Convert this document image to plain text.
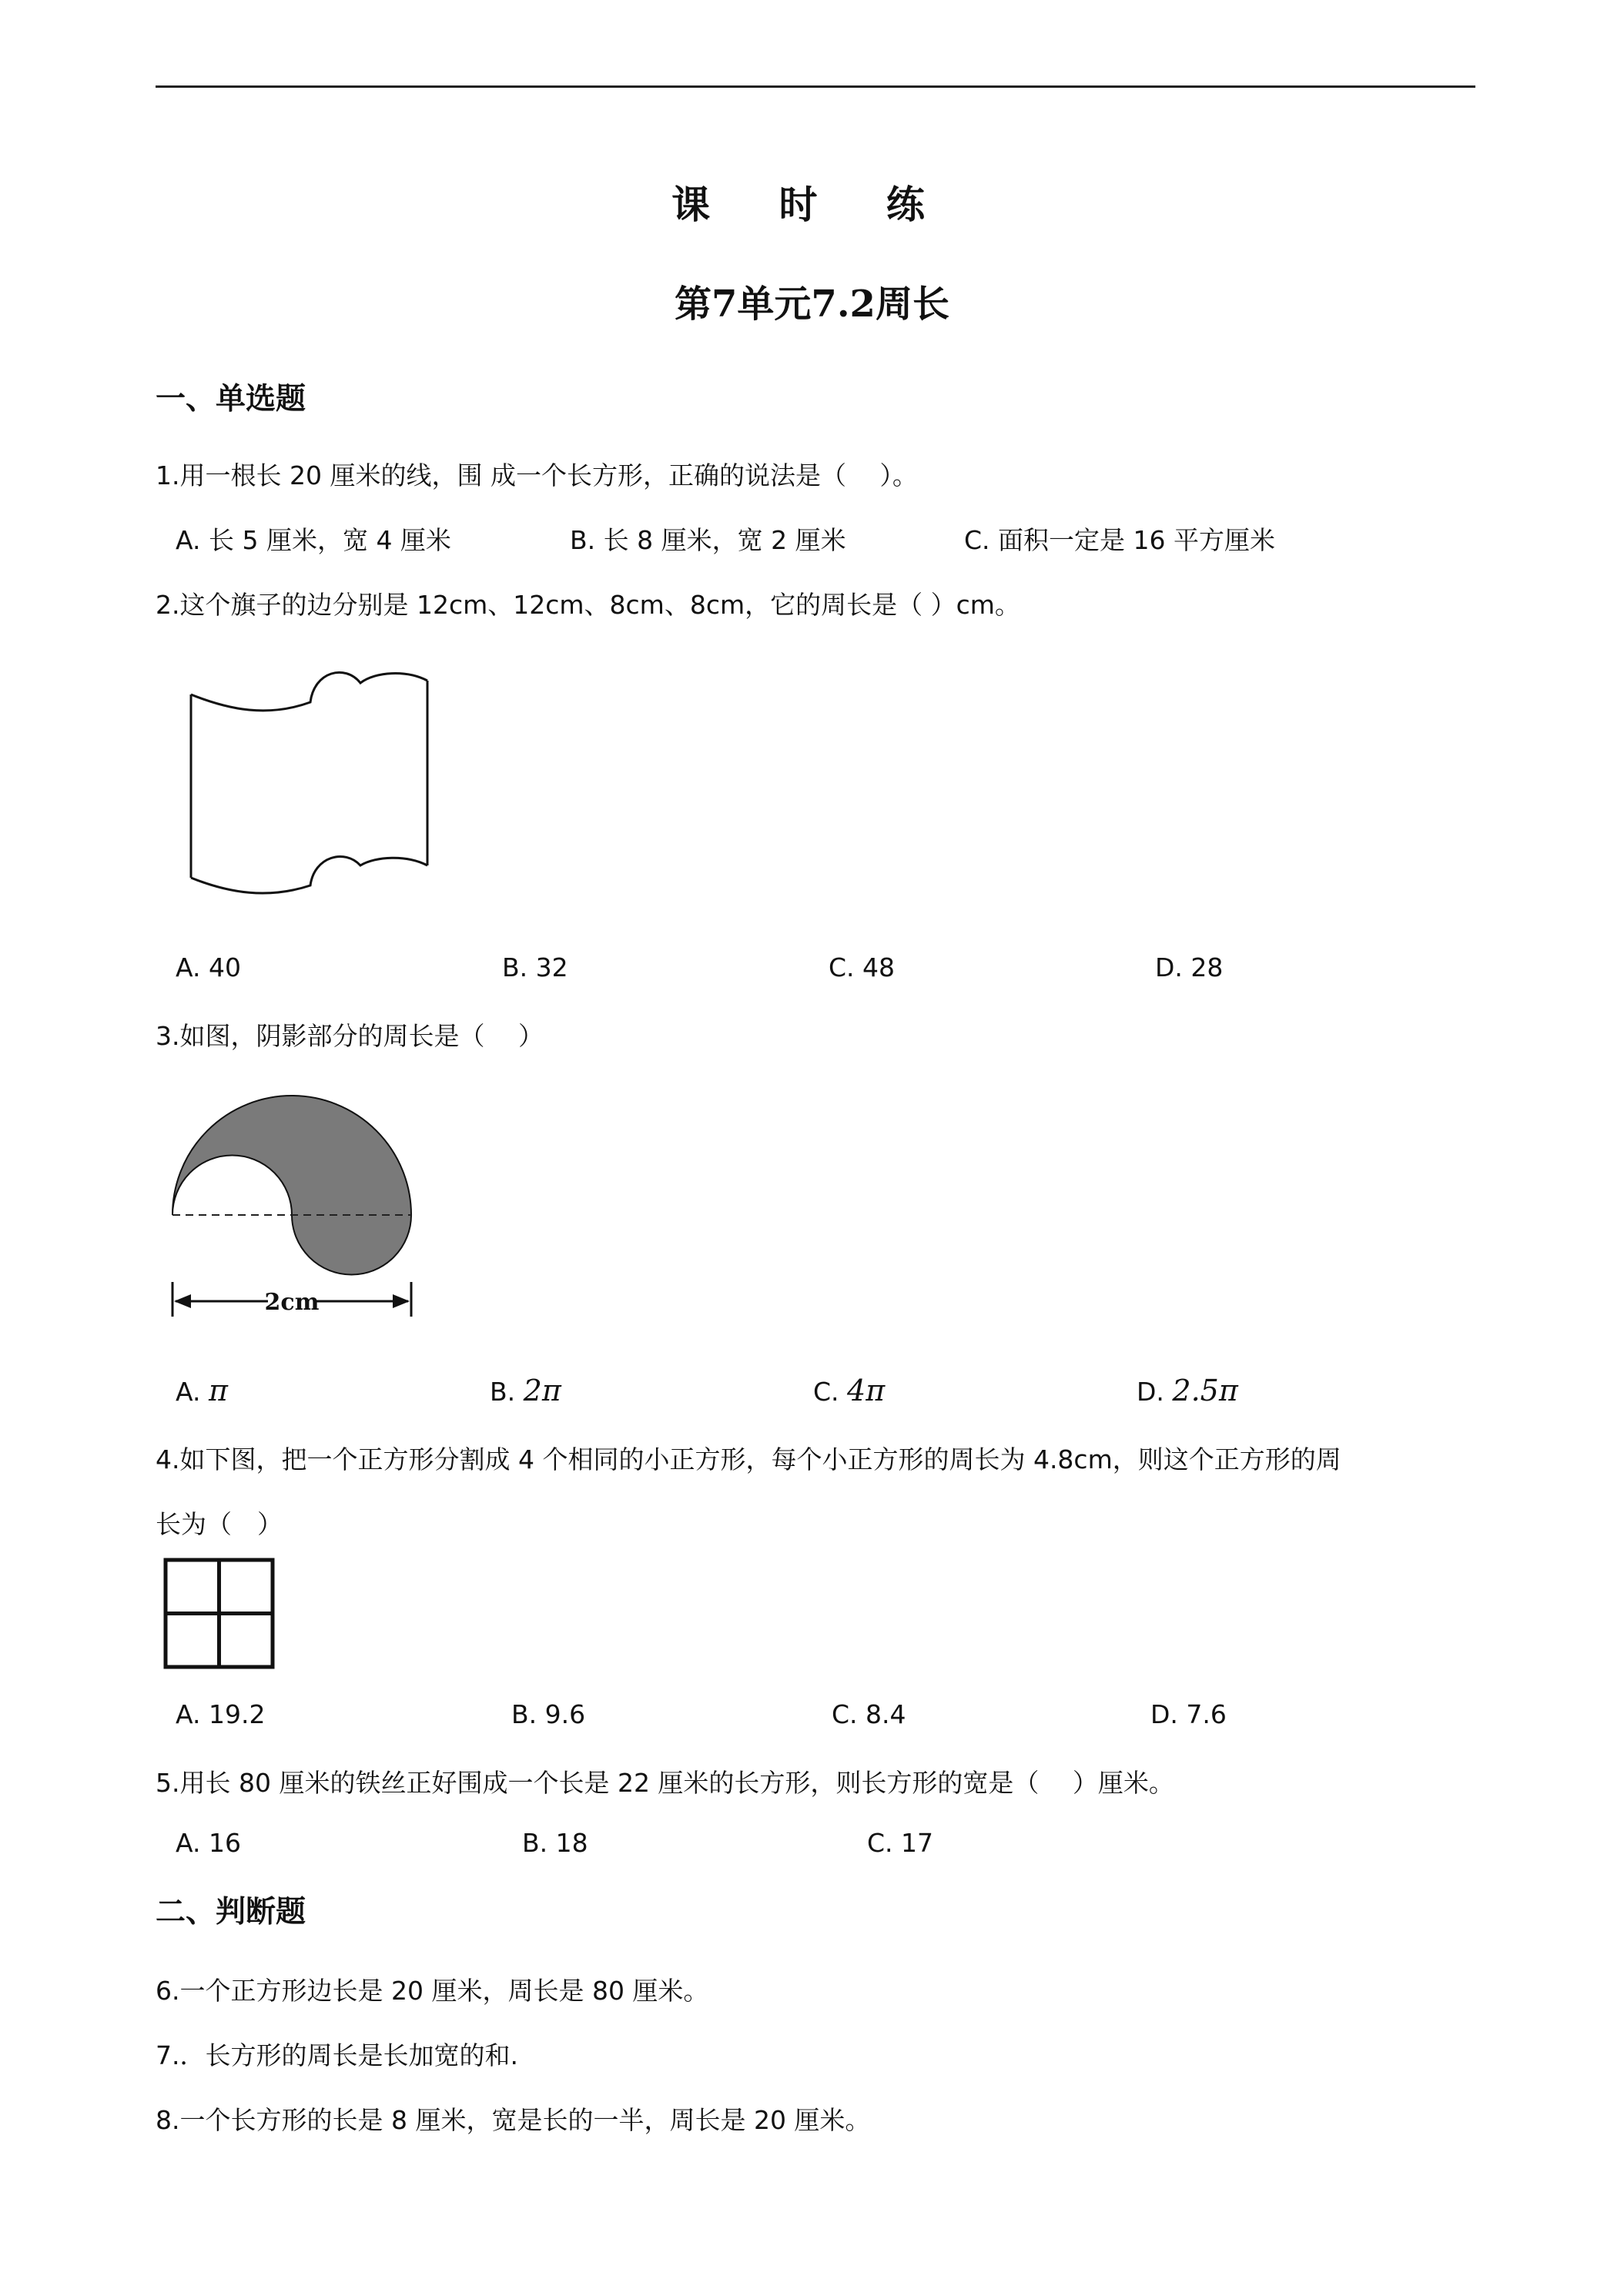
课 时 练
第7单元7.2周长
一、单选题
1.用一根长 20 厘米的线，围 成一个长方形，正确的说法是（　 ）。
A. 长 5 厘米，宽 4 厘米	B. 长 8 厘米，宽 2 厘米	C. 面积一定是 16 平方厘米
2.这个旗子的边分别是 12cm、12cm、8cm、8cm，它的周长是（ ）cm。
A. 40	B. 32	C. 48	D. 28
3.如图，阴影部分的周长是（　 ）
2cm
A. π	B. 2π	C. 4π	D. 2.5π
4.如下图，把一个正方形分割成 4 个相同的小正方形，每个小正方形的周长为 4.8cm，则这个正方形的周
长为（　）
A. 19.2	B. 9.6	C. 8.4	D. 7.6
5.用长 80 厘米的铁丝正好围成一个长是 22 厘米的长方形，则长方形的宽是（　 ）厘米。
A. 16	B. 18	C. 17
二、判断题
6.一个正方形边长是 20 厘米，周长是 80 厘米。
7.．长方形的周长是长加宽的和.
8.一个长方形的长是 8 厘米，宽是长的一半，周长是 20 厘米。
